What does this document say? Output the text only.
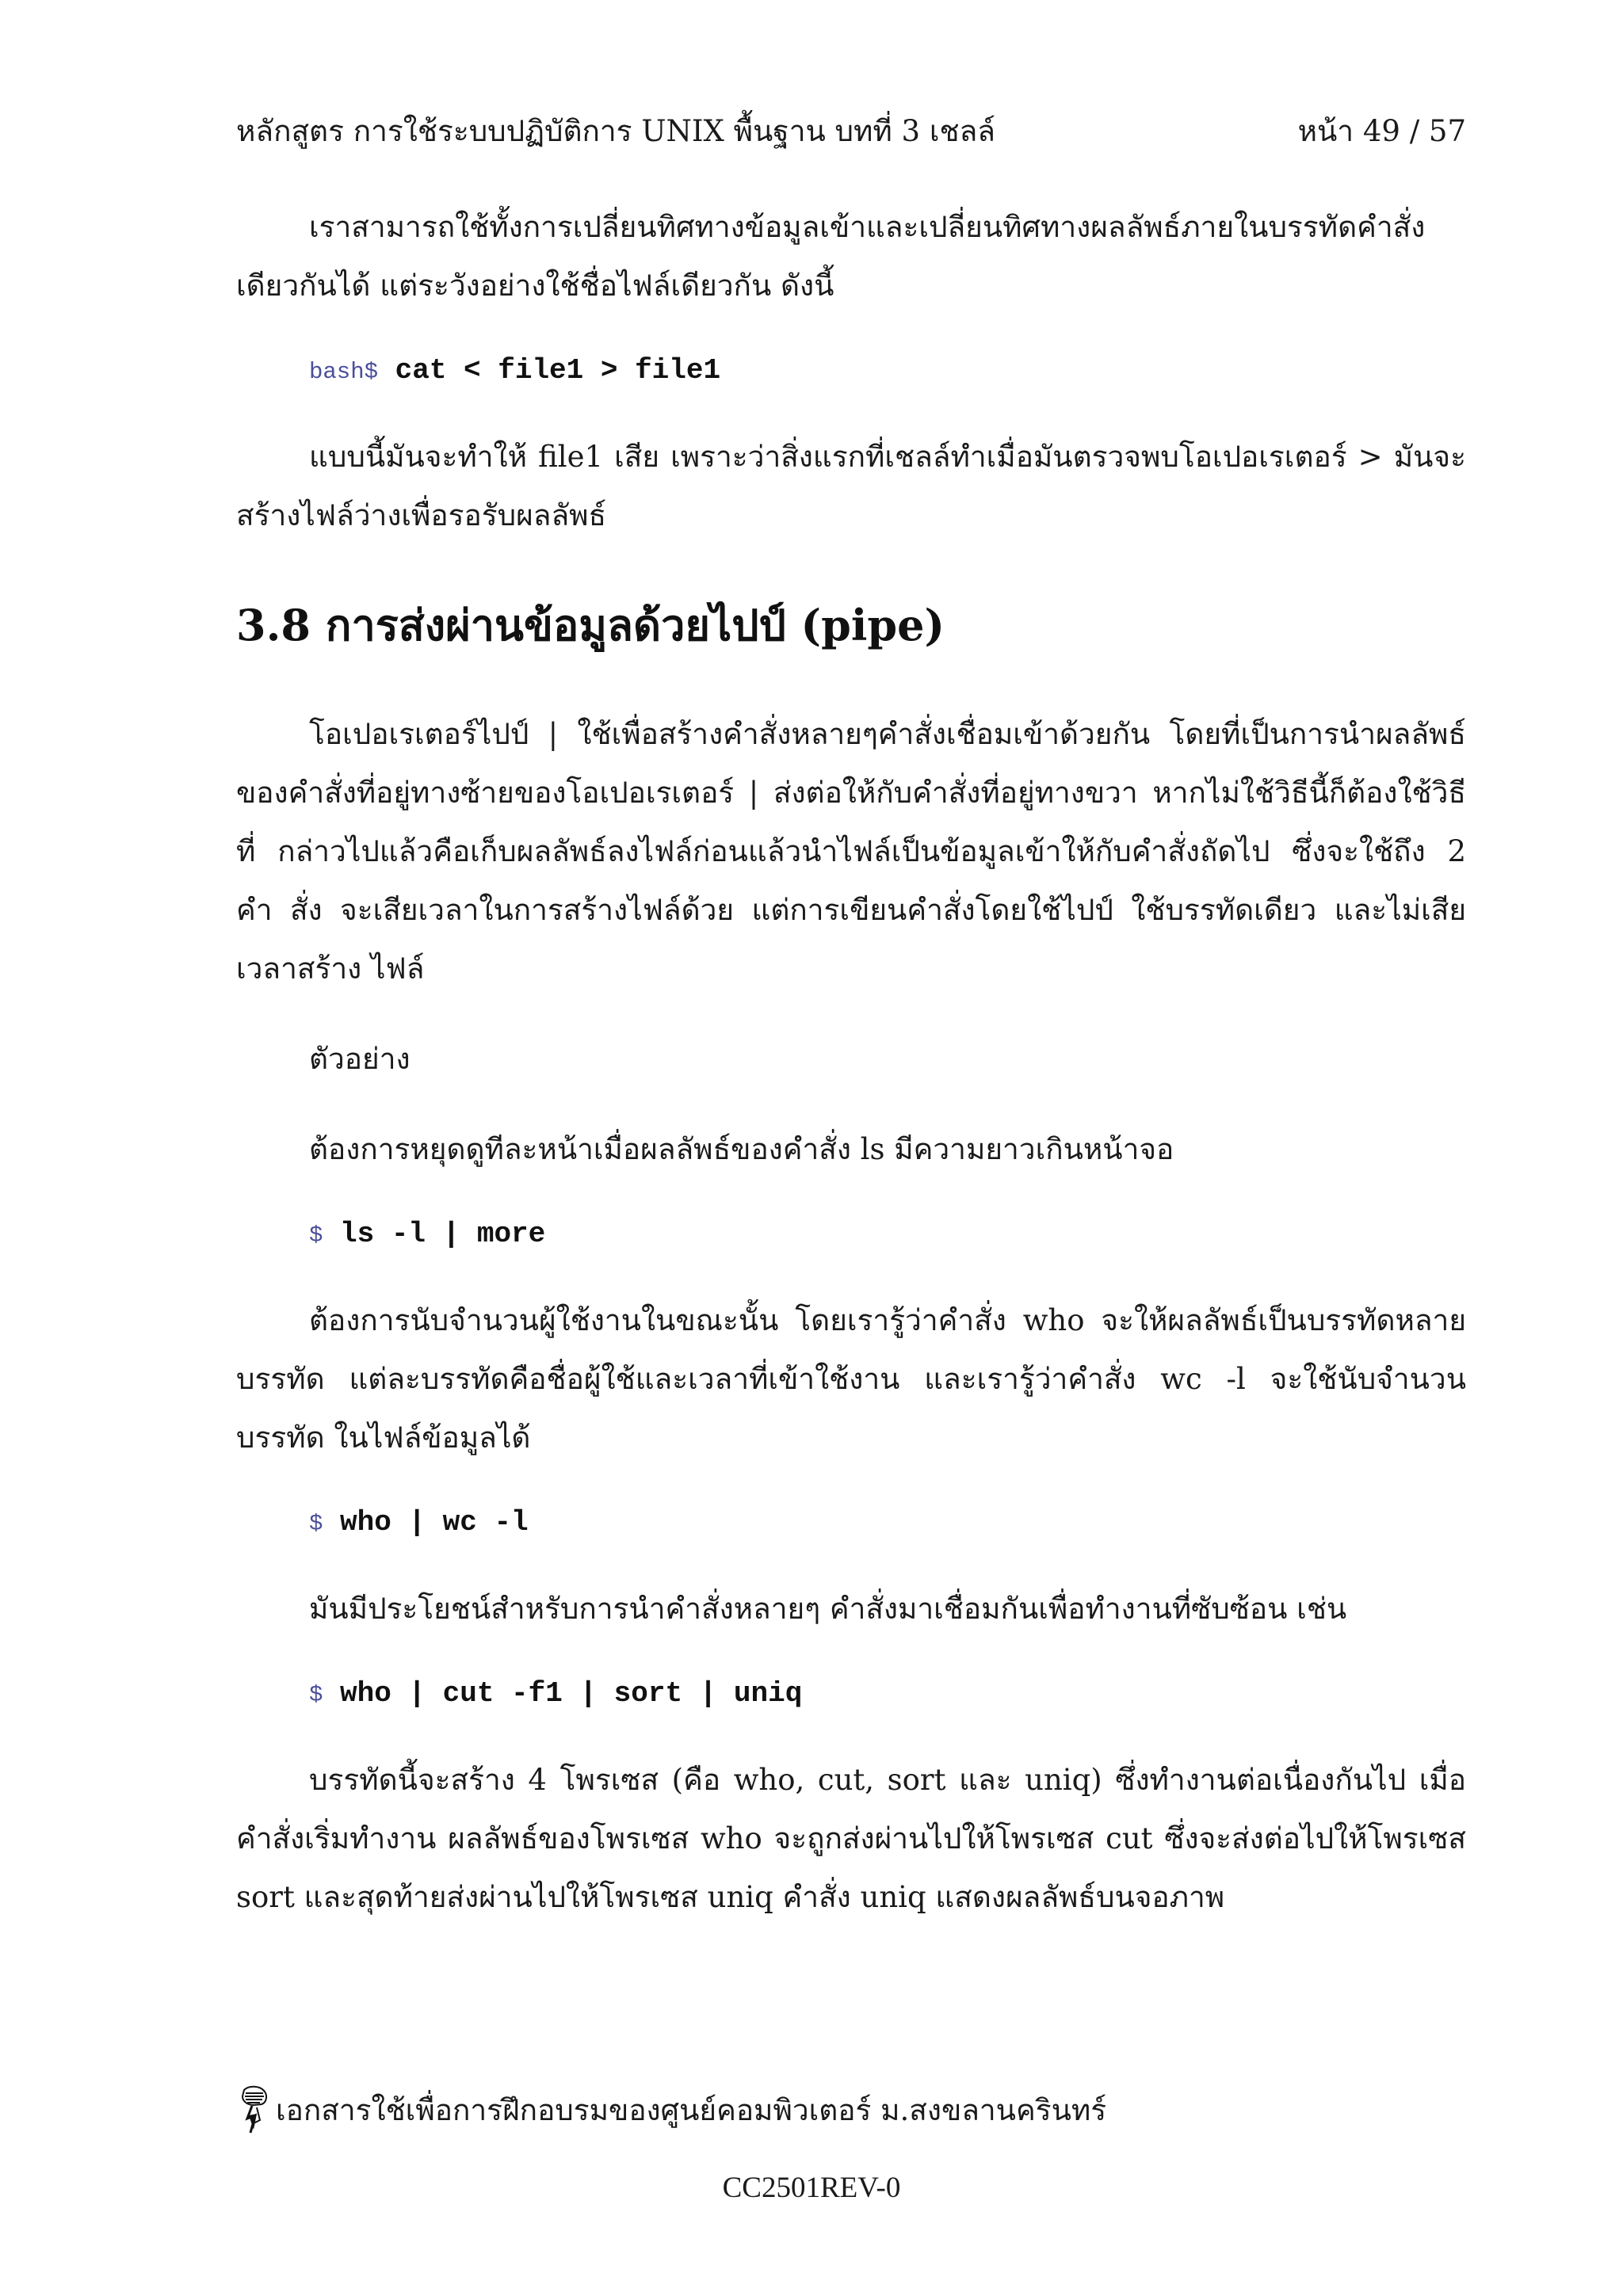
หลักสูตร การใช้ระบบปฏิบัติการ UNIX พื้นฐาน บทที่ 3 เชลล์	หน้า 49 / 57

เราสามารถใช้ทั้งการเปลี่ยนทิศทางข้อมูลเข้าและเปลี่ยนทิศทางผลลัพธ์ภายในบรรทัดคำสั่ง เดียวกันได้ แต่ระวังอย่างใช้ชื่อไฟล์เดียวกัน ดังนี้

bash$ cat < file1 > file1

แบบนี้มันจะทำให้ file1 เสีย เพราะว่าสิ่งแรกที่เชลล์ทำเมื่อมันตรวจพบโอเปอเรเตอร์ > มันจะ สร้างไฟล์ว่างเพื่อรอรับผลลัพธ์

3.8 การส่งผ่านข้อมูลด้วยไปป์ (pipe)

โอเปอเรเตอร์ไปป์ | ใช้เพื่อสร้างคำสั่งหลายๆคำสั่งเชื่อมเข้าด้วยกัน โดยที่เป็นการนำผลลัพธ์ ของคำสั่งที่อยู่ทางซ้ายของโอเปอเรเตอร์ | ส่งต่อให้กับคำสั่งที่อยู่ทางขวา หากไม่ใช้วิธีนี้ก็ต้องใช้วิธีที่ กล่าวไปแล้วคือเก็บผลลัพธ์ลงไฟล์ก่อนแล้วนำไฟล์เป็นข้อมูลเข้าให้กับคำสั่งถัดไป ซึ่งจะใช้ถึง 2 คำ สั่ง จะเสียเวลาในการสร้างไฟล์ด้วย แต่การเขียนคำสั่งโดยใช้ไปป์ ใช้บรรทัดเดียว และไม่เสียเวลาสร้าง ไฟล์

ตัวอย่าง

ต้องการหยุดดูทีละหน้าเมื่อผลลัพธ์ของคำสั่ง ls มีความยาวเกินหน้าจอ

$ ls -l | more

ต้องการนับจำนวนผู้ใช้งานในขณะนั้น โดยเรารู้ว่าคำสั่ง who จะให้ผลลัพธ์เป็นบรรทัดหลาย บรรทัด แต่ละบรรทัดคือชื่อผู้ใช้และเวลาที่เข้าใช้งาน และเรารู้ว่าคำสั่ง wc -l จะใช้นับจำนวนบรรทัด ในไฟล์ข้อมูลได้

$ who | wc -l

มันมีประโยชน์สำหรับการนำคำสั่งหลายๆ คำสั่งมาเชื่อมกันเพื่อทำงานที่ซับซ้อน เช่น

$ who | cut -f1 | sort | uniq

บรรทัดนี้จะสร้าง 4 โพรเซส (คือ who, cut, sort และ uniq) ซึ่งทำงานต่อเนื่องกันไป เมื่อ คำสั่งเริ่มทำงาน ผลลัพธ์ของโพรเซส who จะถูกส่งผ่านไปให้โพรเซส cut ซึ่งจะส่งต่อไปให้โพรเซส sort และสุดท้ายส่งผ่านไปให้โพรเซส uniq คำสั่ง uniq แสดงผลลัพธ์บนจอภาพ

เอกสารใช้เพื่อการฝึกอบรมของศูนย์คอมพิวเตอร์ ม.สงขลานครินทร์
CC2501REV-0
